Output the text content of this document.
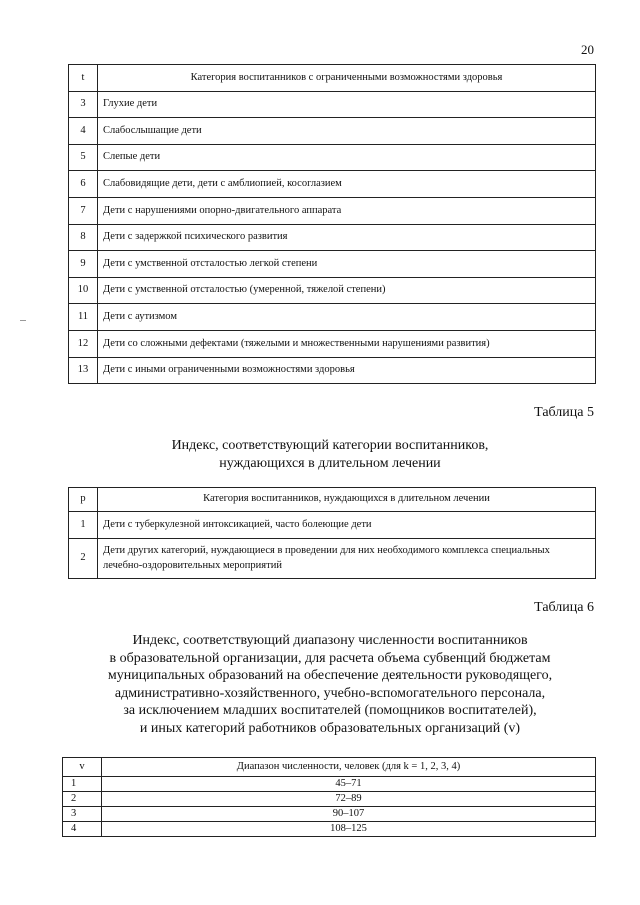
20
t	Категория воспитанников с ограниченными возможностями здоровья
3	Глухие дети
4	Слабослышащие дети
5	Слепые дети
6	Слабовидящие дети, дети с амблиопией, косоглазием
7	Дети с нарушениями опорно-двигательного аппарата
8	Дети с задержкой психического развития
9	Дети с умственной отсталостью легкой степени
10	Дети с умственной отсталостью (умеренной, тяжелой степени)
11	Дети с аутизмом
12	Дети со сложными дефектами (тяжелыми и множественными нарушениями развития)
13	Дети с иными ограниченными возможностями здоровья
Таблица 5
Индекс, соответствующий категории воспитанников,
нуждающихся в длительном лечении
p	Категория воспитанников, нуждающихся в длительном лечении
1	Дети с туберкулезной интоксикацией, часто болеющие дети
2	Дети других категорий, нуждающиеся в проведении для них необходимого комплекса специальных лечебно-оздоровительных мероприятий
Таблица 6
Индекс, соответствующий диапазону численности воспитанников
в образовательной организации, для расчета объема субвенций бюджетам
муниципальных образований на обеспечение деятельности руководящего,
административно-хозяйственного, учебно-вспомогательного персонала,
за исключением младших воспитателей (помощников воспитателей),
и иных категорий работников образовательных организаций (v)
v	Диапазон численности, человек (для k = 1, 2, 3, 4)
1	45–71
2	72–89
3	90–107
4	108–125
